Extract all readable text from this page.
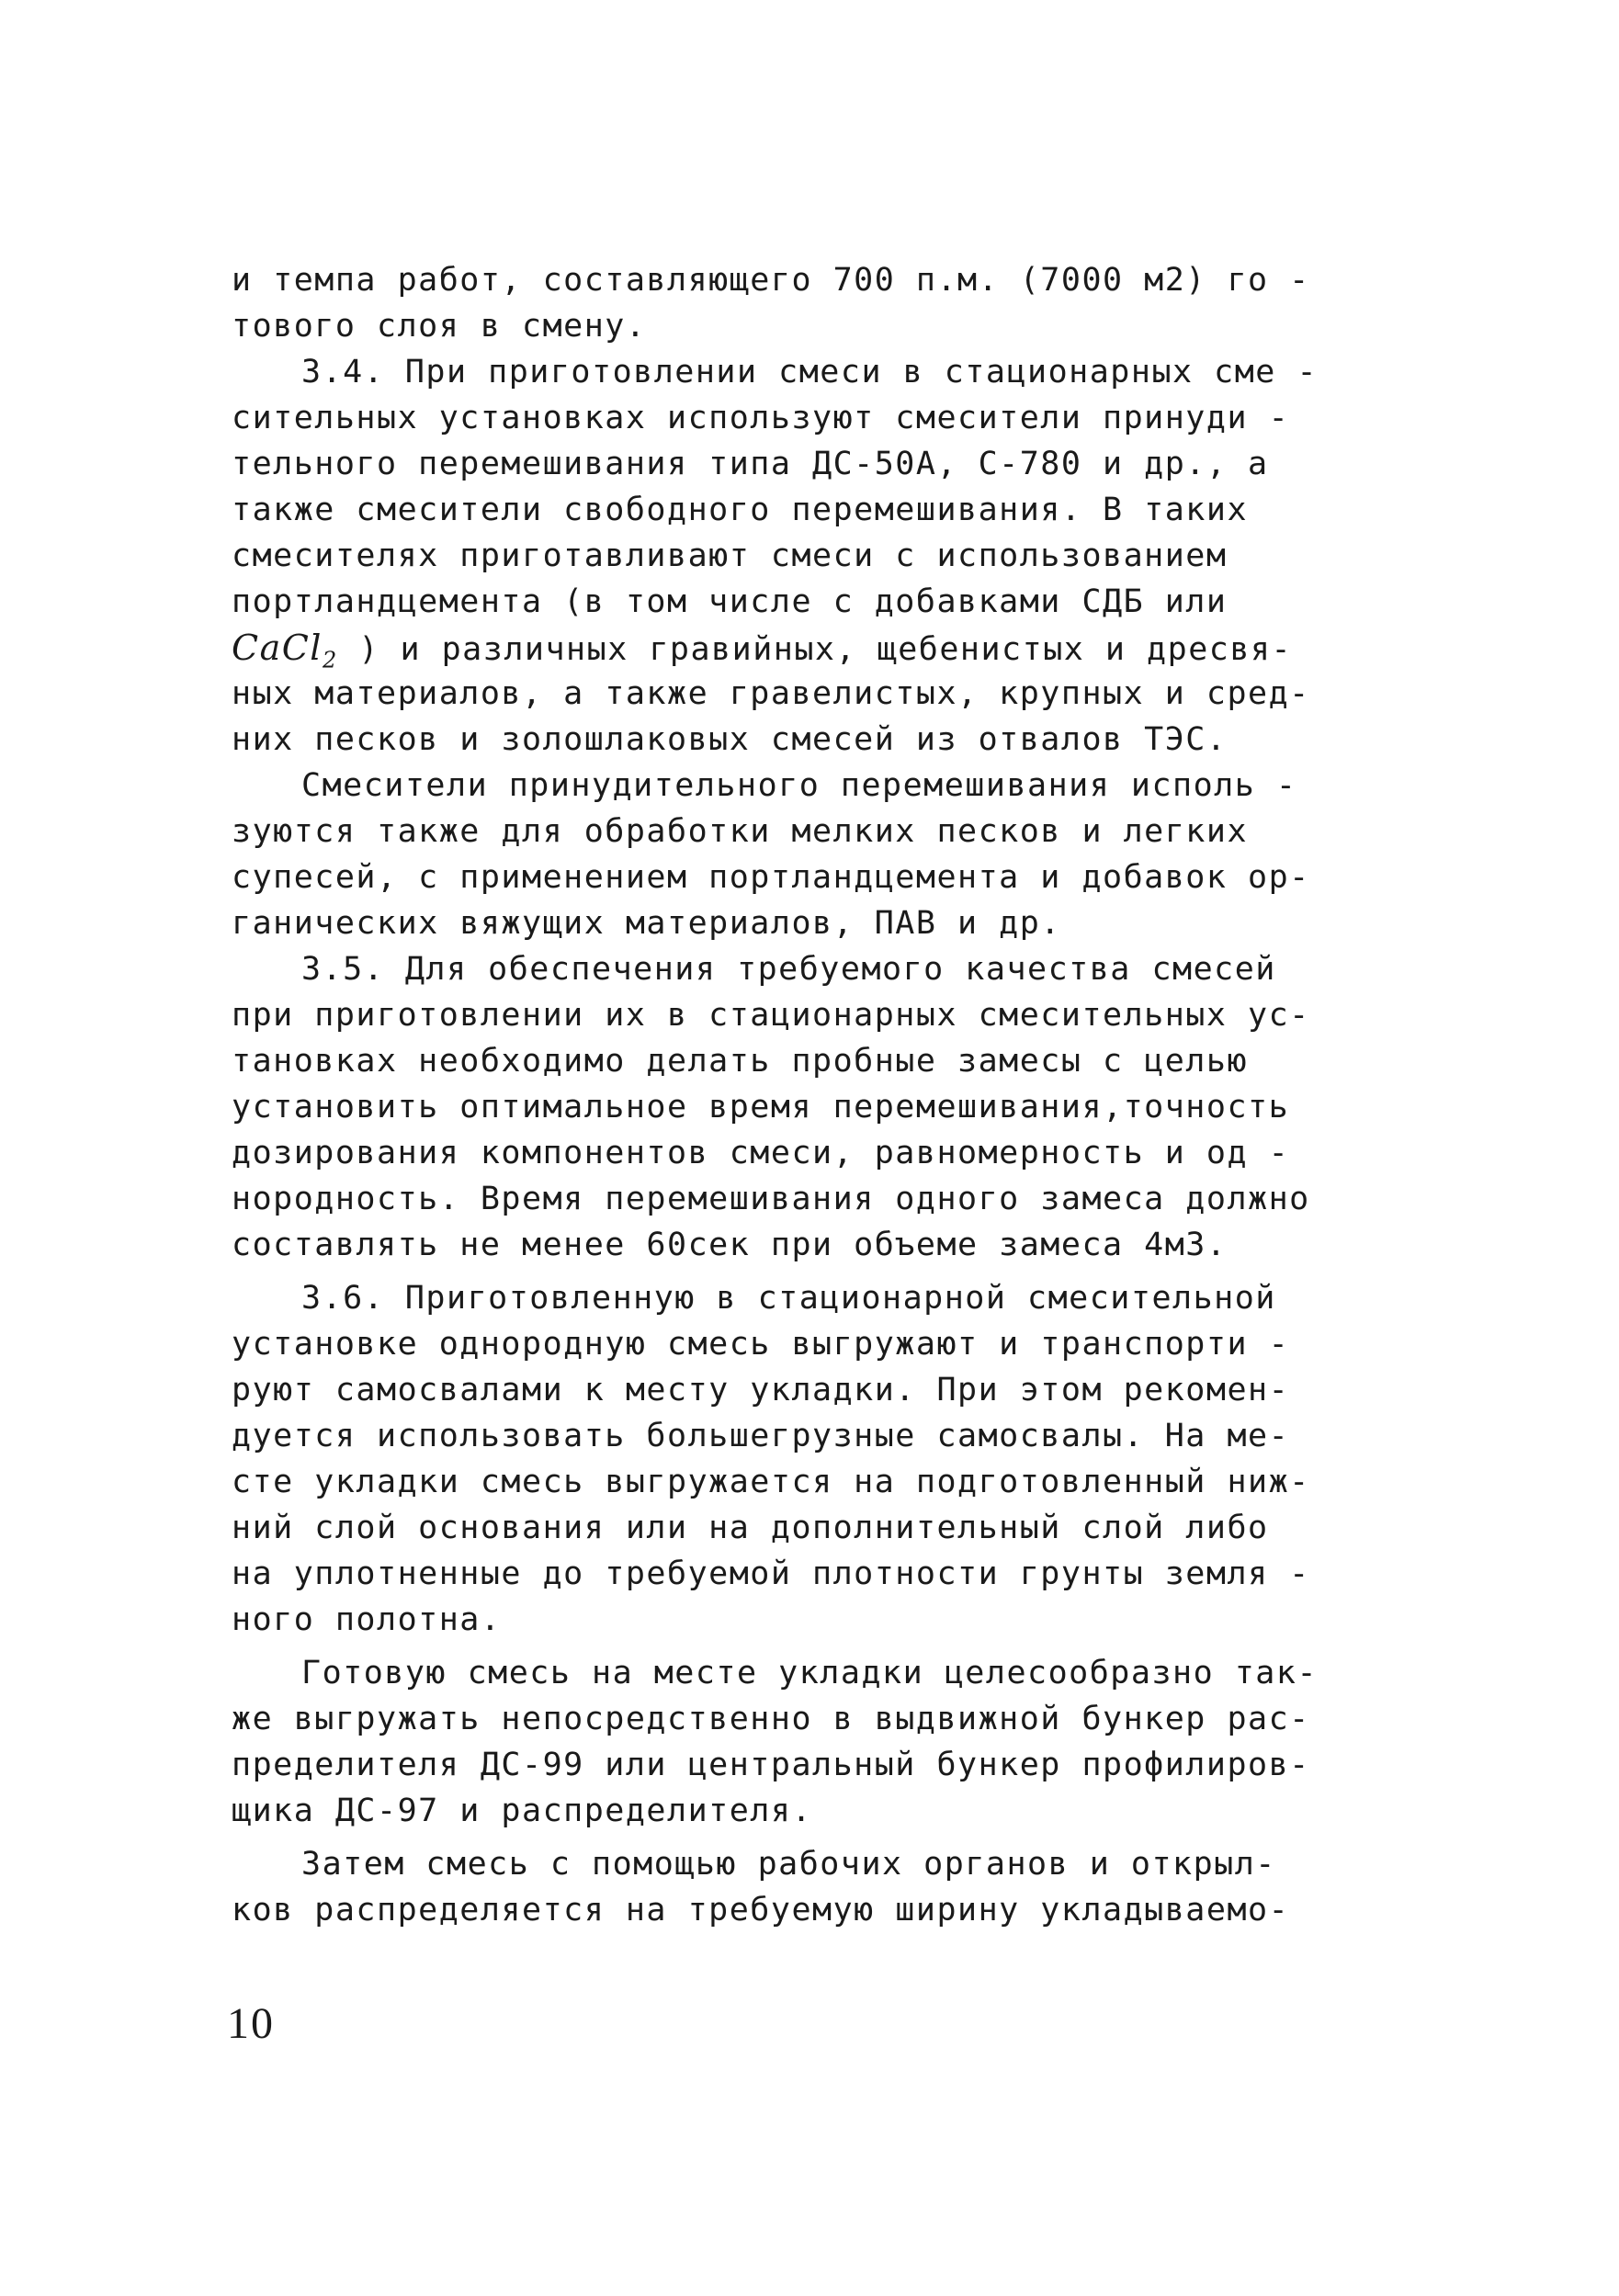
и темпа работ, составляющего 700 п.м. (7000 м2) го -
тового слоя в смену.
3.4. При приготовлении смеси в стационарных сме -
сительных установках используют смесители принуди -
тельного перемешивания типа ДС-50А, С-780 и др., а
также смесители свободного перемешивания. В таких
смесителях приготавливают смеси с использованием
портландцемента (в том числе с добавками СДБ или
CaCl$_2$ ) и различных гравийных, щебенистых и дресвя-
ных материалов, а также гравелистых, крупных и сред-
них песков и золошлаковых смесей из отвалов ТЭС.
Смесители принудительного перемешивания исполь -
зуются также для обработки мелких песков и легких
супесей, с применением портландцемента и добавок ор-
ганических вяжущих материалов, ПАВ и др.
3.5. Для обеспечения требуемого качества смесей
при приготовлении их в стационарных смесительных ус-
тановках необходимо делать пробные замесы с целью
установить оптимальное время перемешивания,точность
дозирования компонентов смеси, равномерность и од -
нородность. Время перемешивания одного замеса должно
составлять не менее 60сек при объеме замеса 4м3.
3.6. Приготовленную в стационарной смесительной
установке однородную смесь выгружают и транспорти -
руют самосвалами к месту укладки. При этом рекомен-
дуется использовать большегрузные самосвалы. На ме-
сте укладки смесь выгружается на подготовленный ниж-
ний слой основания или на дополнительный слой либо
на уплотненные до требуемой плотности грунты земля -
ного полотна.
Готовую смесь на месте укладки целесообразно так-
же выгружать непосредственно в выдвижной бункер рас-
пределителя ДС-99 или центральный бункер профилиров-
щика ДС-97 и распределителя.
Затем смесь с помощью рабочих органов и открыл-
ков распределяется на требуемую ширину укладываемо-
10
